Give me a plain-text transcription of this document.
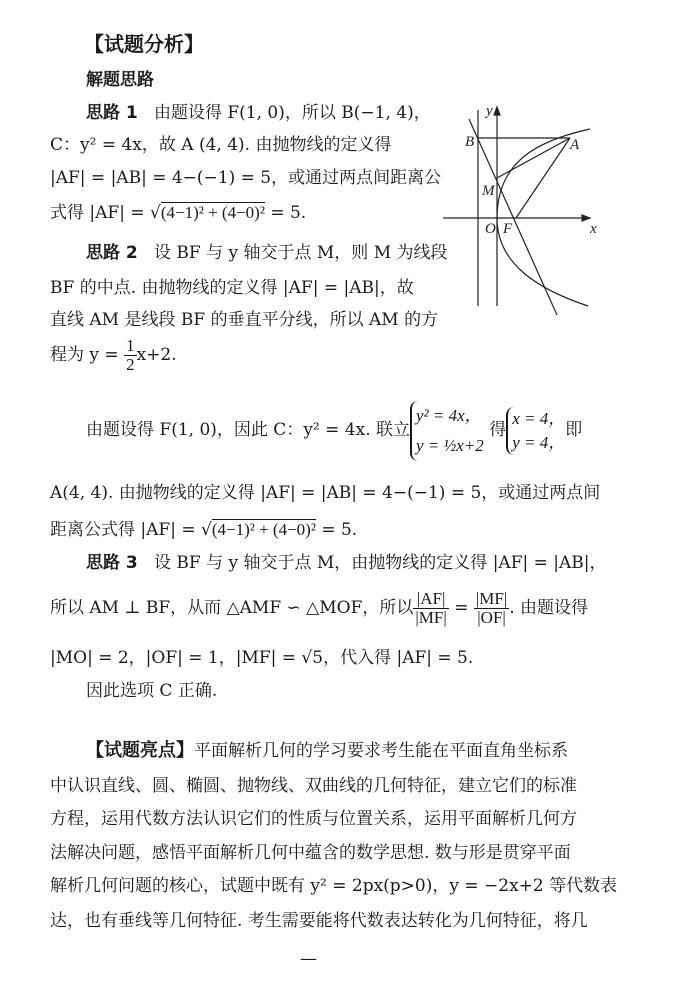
【试题分析】
解题思路
思路 1 由题设得 F(1, 0)，所以 B(−1, 4)，
C：y² = 4x，故 A (4, 4). 由抛物线的定义得
|AF| = |AB| = 4−(−1) = 5，或通过两点间距离公
式得 |AF| = √(4−1)² + (4−0)² = 5.
思路 2 设 BF 与 y 轴交于点 M，则 M 为线段
BF 的中点. 由抛物线的定义得 |AF| = |AB|，故
直线 AM 是线段 BF 的垂直平分线，所以 AM 的方
程为 $y = \frac{1}{2} x+2$.
由题设得 F(1, 0)，因此 C：y² = 4x. 联立
y² = 4x，
y = ½x+2
得
x = 4，
y = 4，
即
A(4, 4). 由抛物线的定义得 |AF| = |AB| = 4−(−1) = 5，或通过两点间
距离公式得 |AF| = √(4−1)² + (4−0)² = 5.
思路 3 设 BF 与 y 轴交于点 M，由抛物线的定义得 |AF| = |AB|，
所以 AM ⊥ BF，从而 △AMF ∽ △MOF，所以 $\frac{|AF|}{|MF|} = \frac{|MF|}{|OF|}$ . 由题设得
|MO| = 2，|OF| = 1，|MF| = √5，代入得 |AF| = 5.
因此选项 C 正确.
【试题亮点】平面解析几何的学习要求考生能在平面直角坐标系
中认识直线、圆、椭圆、抛物线、双曲线的几何特征，建立它们的标准
方程，运用代数方法认识它们的性质与位置关系，运用平面解析几何方
法解决问题，感悟平面解析几何中蕴含的数学思想. 数与形是贯穿平面
解析几何问题的核心，试题中既有 y² = 2px(p>0)，y = −2x+2 等代数表
达，也有垂线等几何特征. 考生需要能将代数表达转化为几何特征，将几
—
y
x
B	A
M
O F
